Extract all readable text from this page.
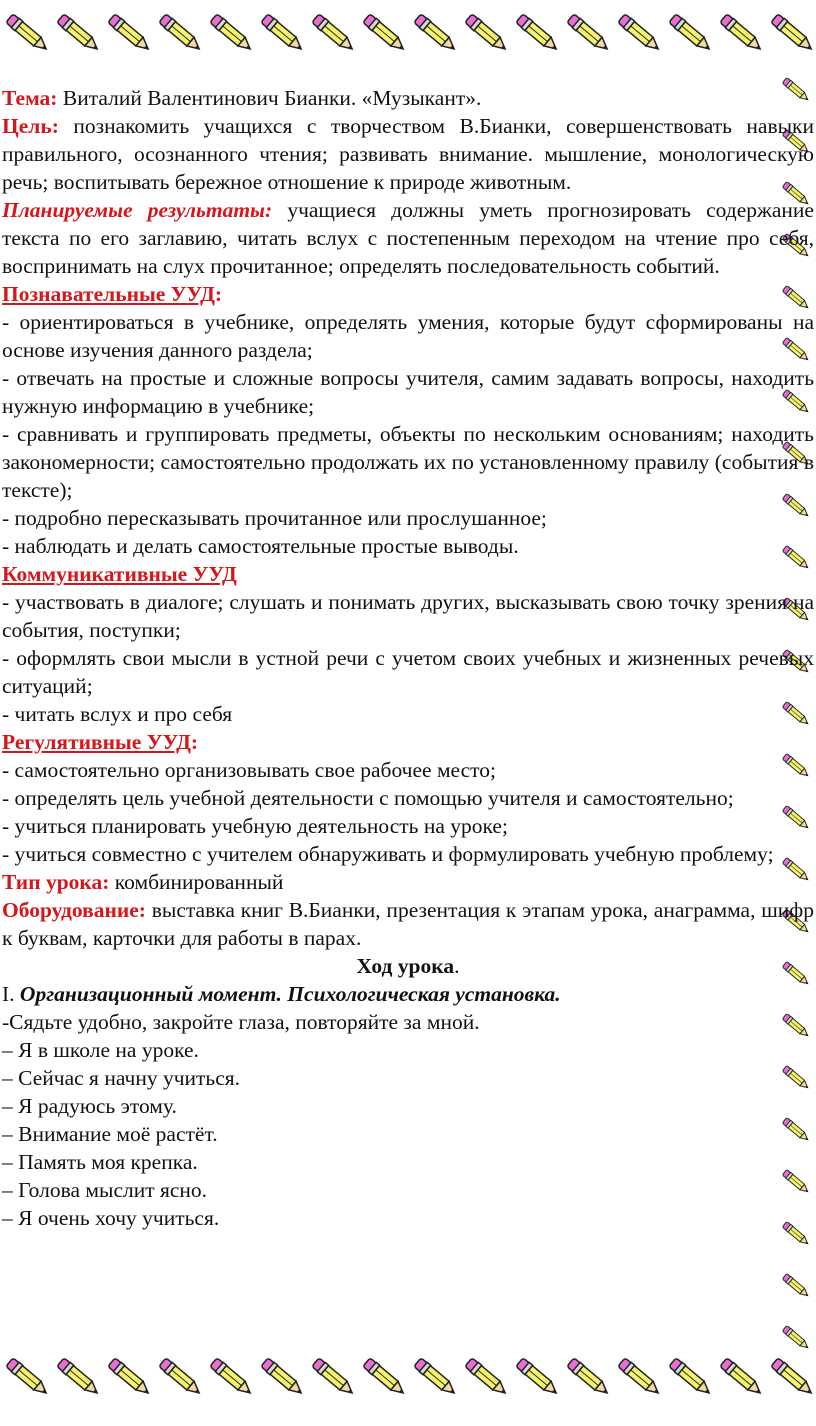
Тема: Виталий Валентинович Бианки. «Музыкант».

Цель: познакомить учащихся с творчеством В.Бианки, совершенствовать навыки правильного, осознанного чтения; развивать внимание. мышление, монологическую речь; воспитывать бережное отношение к природе животным.

Планируемые результаты: учащиеся должны уметь прогнозировать содержание текста по его заглавию, читать вслух с постепенным переходом на чтение про себя, воспринимать на слух прочитанное; определять последовательность событий.

Познавательные УУД:

- ориентироваться в учебнике, определять умения, которые будут сформированы на основе изучения данного раздела;

- отвечать на простые и сложные вопросы учителя, самим задавать вопросы, находить нужную информацию в учебнике;

- сравнивать и группировать предметы, объекты по нескольким основаниям; находить закономерности; самостоятельно продолжать их по установленному правилу (события в тексте);

- подробно пересказывать прочитанное или прослушанное;

- наблюдать и делать самостоятельные простые выводы.

Коммуникативные УУД

- участвовать в диалоге; слушать и понимать других, высказывать свою точку зрения на события, поступки;

- оформлять свои мысли в устной речи с учетом своих учебных и жизненных речевых ситуаций;

- читать вслух и про себя

Регулятивные УУД:

- самостоятельно организовывать свое рабочее место;

- определять цель учебной деятельности с помощью учителя и самостоятельно;

- учиться планировать учебную деятельность на уроке;

- учиться совместно с учителем обнаруживать и формулировать учебную проблему;

Тип урока: комбинированный

Оборудование: выставка книг В.Бианки, презентация к этапам урока, анаграмма, шифр к буквам, карточки для работы в парах.

Ход урока.

I. Организационный момент. Психологическая установка.

-Сядьте удобно, закройте глаза, повторяйте за мной.

– Я в школе на уроке.

– Сейчас я начну учиться.

– Я радуюсь этому.

– Внимание моё растёт.

– Память моя крепка.

– Голова мыслит ясно.

– Я очень хочу учиться.
